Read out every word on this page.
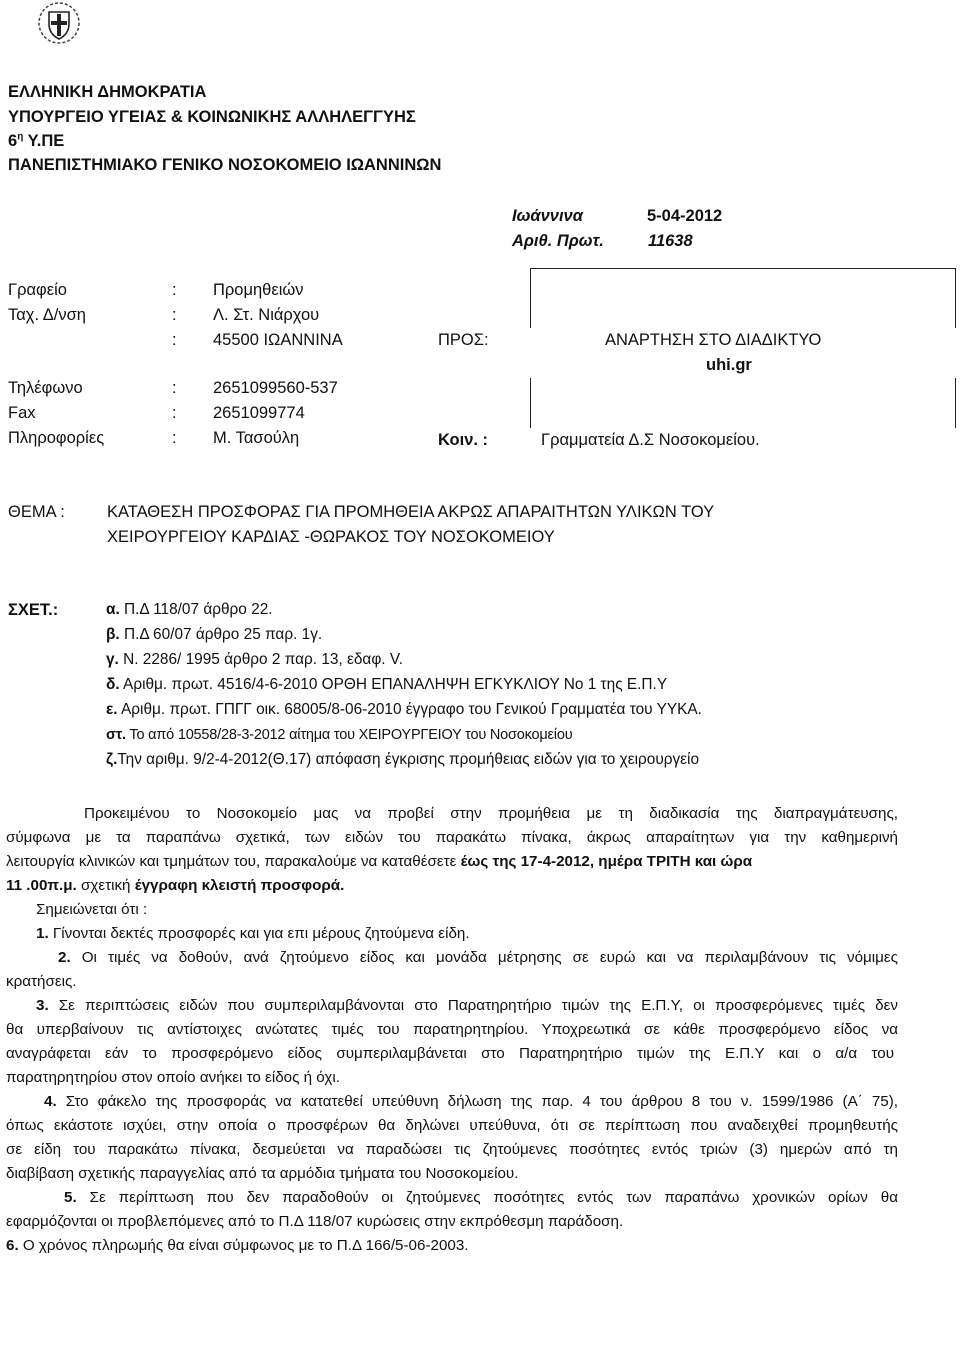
ΕΛΛΗΝΙΚΗ ΔΗΜΟΚΡΑΤΙΑ
ΥΠΟΥΡΓΕΙΟ ΥΓΕΙΑΣ & ΚΟΙΝΩΝΙΚΗΣ ΑΛΛΗΛΕΓΓΥΗΣ
$6^\eta$ Υ.ΠΕ
ΠΑΝΕΠΙΣΤΗΜΙΑΚΟ ΓΕΝΙΚΟ ΝΟΣΟΚΟΜΕΙΟ ΙΩΑΝΝΙΝΩΝ
Ιωάννινα	5-04-2012
Αριθ. Πρωτ.	11638
Γραφείο	: Προμηθειών
Ταχ. Δ/νση	: Λ. Στ. Νιάρχου
: 45500 ΙΩΑΝΝΙΝΑ
Τηλέφωνο	: 2651099560-537
Fax	: 2651099774
Πληροφορίες	: Μ. Τασούλη
ΠΡΟΣ:	ΑΝΑΡΤΗΣΗ ΣΤΟ ΔΙΑΔΙΚΤΥΟ
uhi.gr
Κοιν. :	Γραμματεία Δ.Σ Νοσοκομείου.
ΘΕΜΑ :	ΚΑΤΑΘΕΣΗ ΠΡΟΣΦΟΡΑΣ ΓΙΑ ΠΡΟΜΗΘΕΙΑ ΑΚΡΩΣ ΑΠΑΡΑΙΤΗΤΩΝ ΥΛΙΚΩΝ ΤΟΥ
ΧΕΙΡΟΥΡΓΕΙΟΥ ΚΑΡΔΙΑΣ -ΘΩΡΑΚΟΣ ΤΟΥ ΝΟΣΟΚΟΜΕΙΟΥ
ΣΧΕΤ.:	α. Π.Δ 118/07 άρθρο 22.
β. Π.Δ 60/07 άρθρο 25 παρ. 1γ.
γ. Ν. 2286/ 1995 άρθρο 2 παρ. 13, εδαφ. V.
δ. Αριθμ. πρωτ. 4516/4-6-2010 ΟΡΘΗ ΕΠΑΝΑΛΗΨΗ ΕΓΚΥΚΛΙΟΥ Νο 1 της Ε.Π.Υ
ε. Αριθμ. πρωτ. ΓΠΓΓ οικ. 68005/8-06-2010 έγγραφο του Γενικού Γραμματέα του ΥΥΚΑ.
στ. Το από 10558/28-3-2012 αίτημα του ΧΕΙΡΟΥΡΓΕΙΟΥ του Νοσοκομείου
ζ.Την αριθμ. 9/2-4-2012(Θ.17) απόφαση έγκρισης προμήθειας ειδών για το χειρουργείο
Προκειμένου το Νοσοκομείο μας να προβεί στην προμήθεια με τη διαδικασία της διαπραγμάτευσης,
σύμφωνα με τα παραπάνω σχετικά, των ειδών του παρακάτω πίνακα, άκρως απαραίτητων για την καθημερινή
λειτουργία κλινικών και τμημάτων του, παρακαλούμε να καταθέσετε έως της 17-4-2012, ημέρα ΤΡΙΤΗ και ώρα
11 .00π.μ. σχετική έγγραφη κλειστή προσφορά.
Σημειώνεται ότι :
1. Γίνονται δεκτές προσφορές και για επι μέρους ζητούμενα είδη.
2. Οι τιμές να δοθούν, ανά ζητούμενο είδος και μονάδα μέτρησης σε ευρώ και να περιλαμβάνουν τις νόμιμες
κρατήσεις.
3. Σε περιπτώσεις ειδών που συμπεριλαμβάνονται στο Παρατηρητήριο τιμών της Ε.Π.Υ, οι προσφερόμενες τιμές δεν
θα υπερβαίνουν τις αντίστοιχες ανώτατες τιμές του παρατηρητηρίου. Υποχρεωτικά σε κάθε προσφερόμενο είδος να
αναγράφεται εάν το προσφερόμενο είδος συμπεριλαμβάνεται στο Παρατηρητήριο τιμών της Ε.Π.Υ και ο α/α του
παρατηρητηρίου στον οποίο ανήκει το είδος ή όχι.
4. Στο φάκελο της προσφοράς να κατατεθεί υπεύθυνη δήλωση της παρ. 4 του άρθρου 8 του ν. 1599/1986 (Α΄ 75),
όπως εκάστοτε ισχύει, στην οποία ο προσφέρων θα δηλώνει υπεύθυνα, ότι σε περίπτωση που αναδειχθεί προμηθευτής
σε είδη του παρακάτω πίνακα, δεσμεύεται να παραδώσει τις ζητούμενες ποσότητες εντός τριών (3) ημερών από τη
διαβίβαση σχετικής παραγγελίας από τα αρμόδια τμήματα του Νοσοκομείου.
5. Σε περίπτωση που δεν παραδοθούν οι ζητούμενες ποσότητες εντός των παραπάνω χρονικών ορίων θα
εφαρμόζονται οι προβλεπόμενες από το Π.Δ 118/07 κυρώσεις στην εκπρόθεσμη παράδοση.
6. Ο χρόνος πληρωμής θα είναι σύμφωνος με το Π.Δ 166/5-06-2003.
